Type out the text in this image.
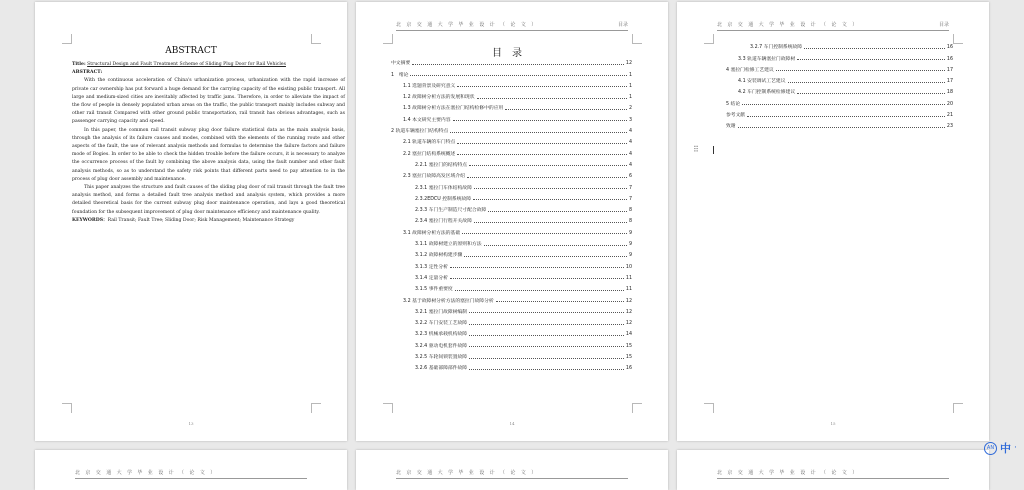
ABSTRACT

Title: Structural Design and Fault Treatment Scheme of Sliding Plug Door for Rail Vehicles

ABSTRACT:

With the continuous acceleration of China's urbanization process, urbanization with the rapid increase of private car ownership has put forward a huge demand for the carrying capacity of the existing public transport. All large and medium-sized cities are inevitably affected by traffic jams. Therefore, in order to alleviate the impact of the flow of people in densely populated urban areas on the traffic, the public transport mainly includes subway and other rail transit Compared with other ground public transportation, rail transit has obvious advantages, such as passenger carrying capacity and speed.

In this paper, the common rail transit subway plug door failure statistical data as the main analysis basis, through the analysis of its failure causes and modes, combined with the elements of the running route and other aspects of the fault, the use of relevant analysis methods and formulas to determine the failure factors and failure mode of Bogies. In order to be able to check the hidden trouble before the failure occurs, it is necessary to analyze the occurrence process of the fault by combining the above analysis data, using the fault number and other fault analysis methods, so as to understand the safety risk points that different parts need to pay attention to in the process of plug door assembly and maintenance.

This paper analyzes the structure and fault causes of the sliding plug door of rail transit through the fault tree analysis method, and forms a detailed fault tree analysis method and analysis system, which provides a more detailed theoretical basis for the current subway plug door maintenance operation, and lays a good theoretical foundation for the subsequent improvement of plug door maintenance efficiency and maintenance quality.

KEYWORDS：Rail Transit; Fault Tree; Sliding Door; Risk Management; Maintenance Strategy

13
北京交通大学毕业设计（论文）	目录
目录
中文摘要	12
1　绪论	1
1.1 选题背景及研究意义	1
1.2 故障树分析方法的发展和现状	1
1.3 故障树分析方法在塞拉门结构检修中的应用	2
1.4 本文研究主要内容	3
2 轨道车辆塞拉门结构特点	4
2.1 轨道车辆的车门特点	4
2.2 塞拉门结构系统概述	4
2.2.1 塞拉门的结构特点	4
2.3 塞拉门故障高发区域介绍	6
2.3.1 塞拉门车体结构故障	7
2.3.2EDCU 控制系统故障	7
2.3.3 车门生产制造尺寸配合故障	8
2.3.4 塞拉门行程开关故障	8
3.1 故障树分析方法的基础	9
3.1.1 故障树建立的原则和方法	9
3.1.2 故障树构建步骤	9
3.1.3 定性分析	10
3.1.4 定量分析	11
3.1.5 事件重要度	11
3.2 基于故障树分析方法的塞拉门故障分析	12
3.2.1 塞拉门故障树编制	12
3.2.2 车门安装工艺故障	12
3.2.3 机械承载机构故障	14
3.2.4 驱动电机套件故障	15
3.2.5 车轮间锁装置故障	15
3.2.6 基础部障部件故障	16
14
北京交通大学毕业设计（论文）	目录
3.2.7 车门控制系统故障	16
3.3 轨道车辆塞拉门故障树	16
4 塞拉门检修工艺建议	17
4.1 安装调试工艺建议	17
4.2 车门控制系统检修建议	18
5 结论	20
参考文献	21
致谢	23
⠿
15
北京交通大学毕业设计（论文）	北京交通大学毕业设计（论文）	北京交通大学毕业设计（论文）
AN 中 ·
